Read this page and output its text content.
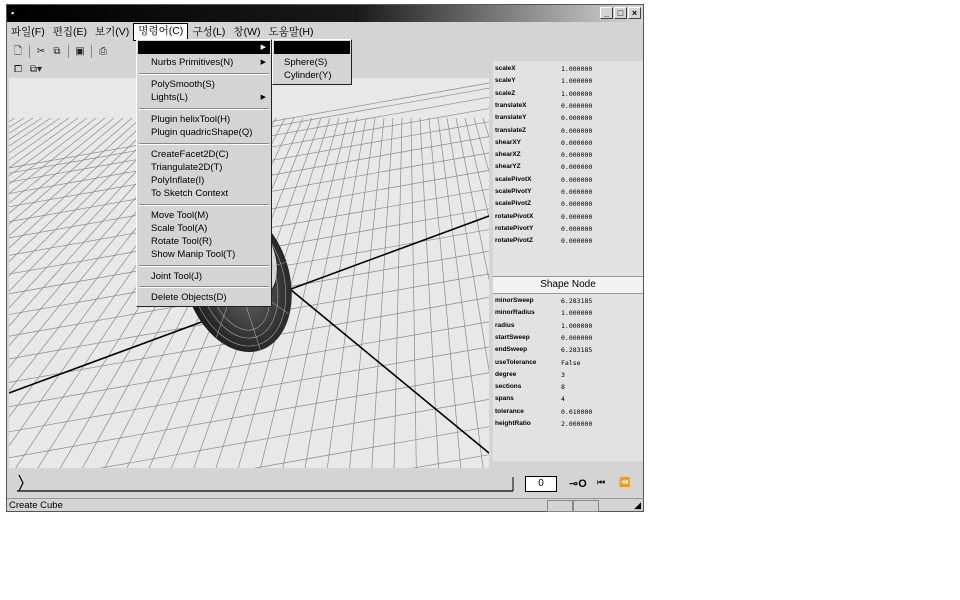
▪	_ □ ×
파일(F) 편집(E) 보기(V) 명령어(C) 구성(L) 창(W) 도움말(H)
🗋 ✂ ⧉	▣	⎙
⧠ ⧉▾	scaleX	1.000000
scaleY	1.000000
scaleZ	1.000000
translateX	0.000000
translateY	0.000000
translateZ	0.000000
shearXY	0.000000
shearXZ	0.000000
shearYZ	0.000000
scalePivotX	0.000000
scalePivotY	0.000000
scalePivotZ	0.000000
rotatePivotX	0.000000
rotatePivotY	0.000000
rotatePivotZ	0.000000
Shape Node
minorSweep	6.283185
minorRadius	1.000000
radius	1.000000
startSweep	0.000000
endSweep	6.283185
useTolerance	False
degree	3
sections	8
spans	4
tolerance	0.010000
heightRatio	2.000000
0	⊸O ⏮ ⏪
Create Cube	◢
▶
Nurbs Primitives(N)	▶
PolySmooth(S)
Lights(L)	▶
Plugin helixTool(H)
Plugin quadricShape(Q)
CreateFacet2D(C)
Triangulate2D(T)
PolyInflate(I)
To Sketch Context
Move Tool(M)
Scale Tool(A)
Rotate Tool(R)
Show Manip Tool(T)
Joint Tool(J)
Delete Objects(D)
Sphere(S)
Cylinder(Y)
